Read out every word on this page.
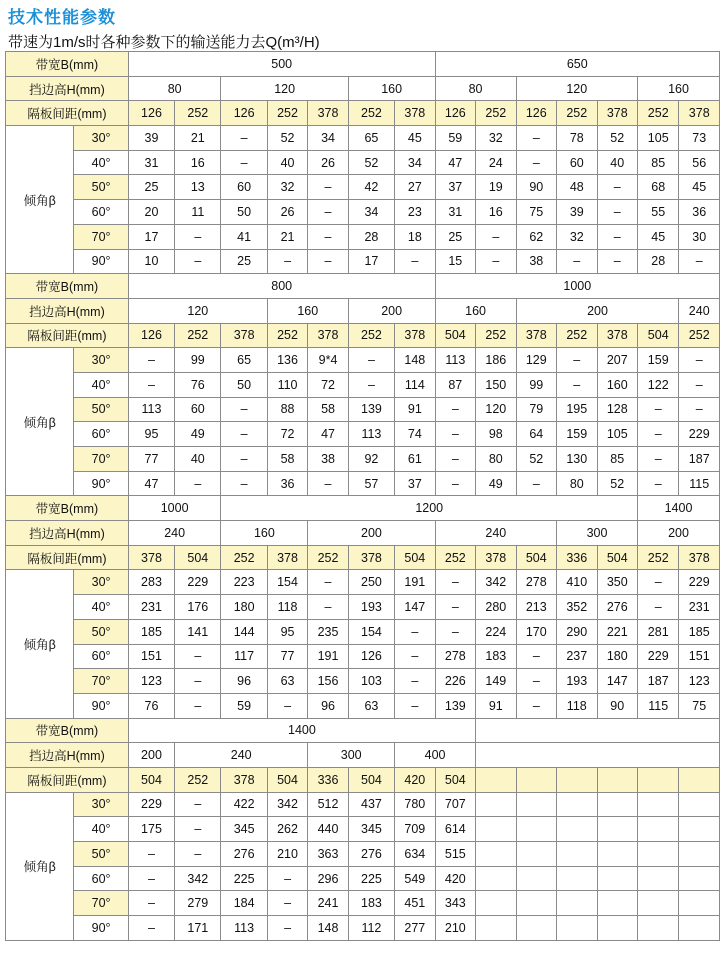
技术性能参数
带速为1m/s时各种参数下的输送能力去Q(m³/H)
带宽B(mm)		500							650						
挡边高H(mm)		80		120			160		80		120			160	
隔板间距(mm)		126	252	126	252	378	252	378	126	252	126	252	378	252	378
倾角β	30°	39	21	–	52	34	65	45	59	32	–	78	52	105	73
	40°	31	16	–	40	26	52	34	47	24	–	60	40	85	56
	50°	25	13	60	32	–	42	27	37	19	90	48	–	68	45
	60°	20	11	50	26	–	34	23	31	16	75	39	–	55	36
	70°	17	–	41	21	–	28	18	25	–	62	32	–	45	30
	90°	10	–	25	–	–	17	–	15	–	38	–	–	28	–
带宽B(mm)		800							1000						
挡边高H(mm)		120			160		200		160		200				240
隔板间距(mm)		126	252	378	252	378	252	378	504	252	378	252	378	504	252
倾角β	30°	–	99	65	136	9*4	–	148	113	186	129	–	207	159	–
	40°	–	76	50	110	72	–	114	87	150	99	–	160	122	–
	50°	113	60	–	88	58	139	91	–	120	79	195	128	–	–
	60°	95	49	–	72	47	113	74	–	98	64	159	105	–	229
	70°	77	40	–	58	38	92	61	–	80	52	130	85	–	187
	90°	47	–	–	36	–	57	37	–	49	–	80	52	–	115
带宽B(mm)		1000		1200										1400	
挡边高H(mm)		240		160		200			240			300		200	
隔板间距(mm)		378	504	252	378	252	378	504	252	378	504	336	504	252	378
倾角β	30°	283	229	223	154	–	250	191	–	342	278	410	350	–	229
	40°	231	176	180	118	–	193	147	–	280	213	352	276	–	231
	50°	185	141	144	95	235	154	–	–	224	170	290	221	281	185
	60°	151	–	117	77	191	126	–	278	183	–	237	180	229	151
	70°	123	–	96	63	156	103	–	226	149	–	193	147	187	123
	90°	76	–	59	–	96	63	–	139	91	–	118	90	115	75
带宽B(mm)		1400													
挡边高H(mm)		200	240			300		400							
隔板间距(mm)		504	252	378	504	336	504	420	504						
倾角β	30°	229	–	422	342	512	437	780	707						
	40°	175	–	345	262	440	345	709	614						
	50°	–	–	276	210	363	276	634	515						
	60°	–	342	225	–	296	225	549	420						
	70°	–	279	184	–	241	183	451	343						
	90°	–	171	113	–	148	112	277	210						
